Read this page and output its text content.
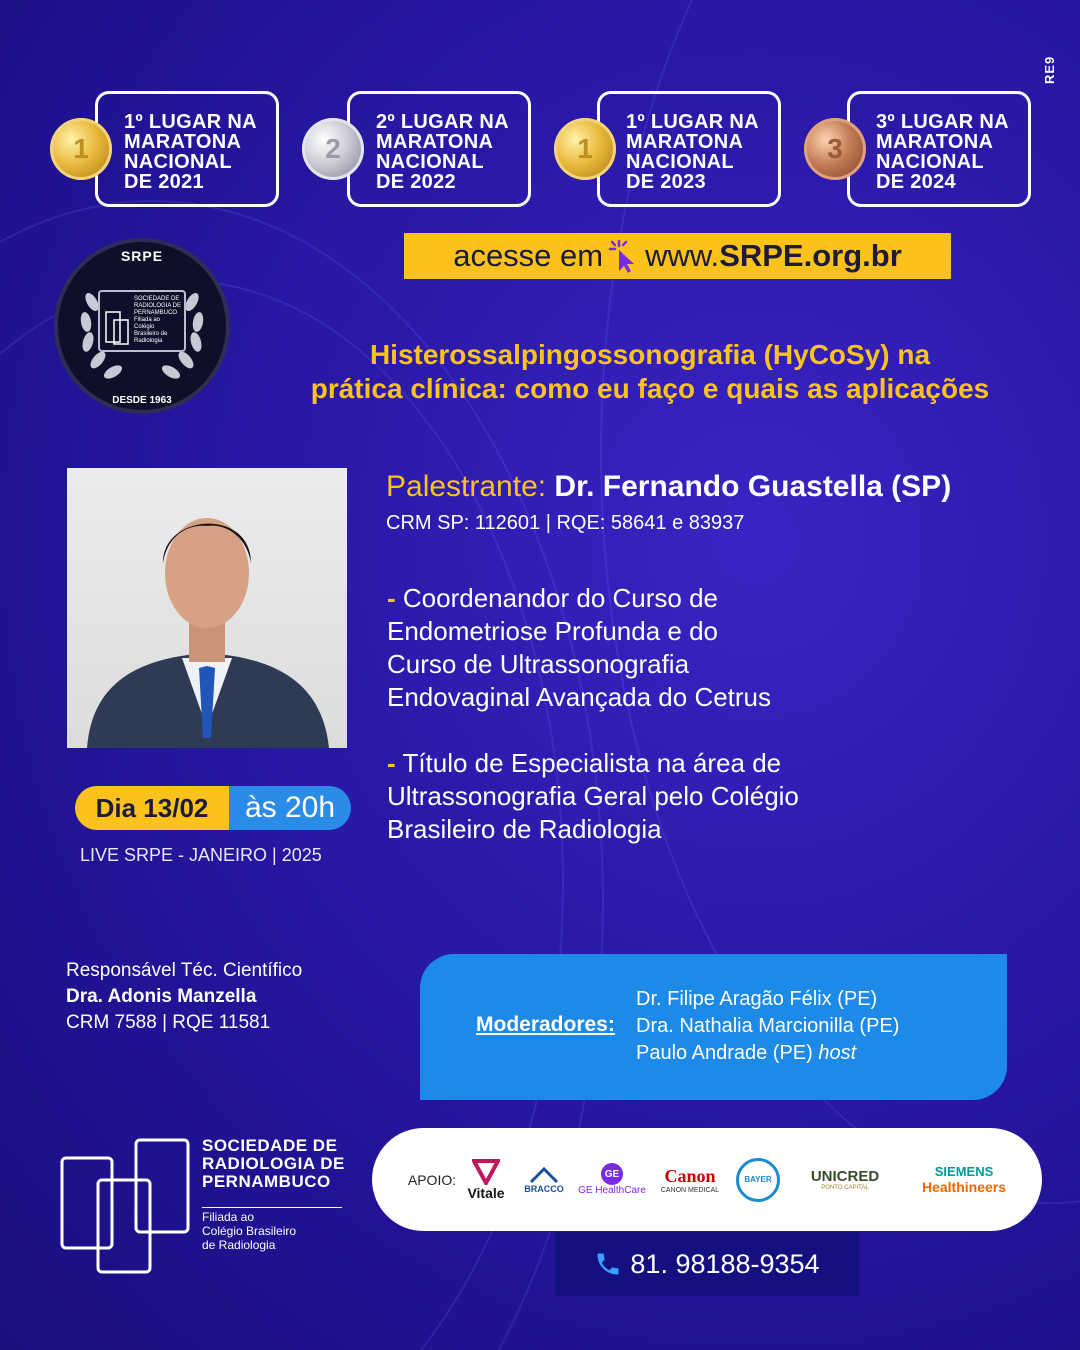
RE9
1º LUGAR NA
MARATONA
NACIONAL
DE 2021
1
2º LUGAR NA
MARATONA
NACIONAL
DE 2022
2
1º LUGAR NA
MARATONA
NACIONAL
DE 2023
1
3º LUGAR NA
MARATONA
NACIONAL
DE 2024
3
acesse em www.SRPE.org.br
SRPE
SOCIEDADE DE RADIOLOGIA DE PERNAMBUCO Filiada ao Colégio Brasileiro de Radiologia
DESDE 1963
Histerossalpingossonografia (HyCoSy) na
prática clínica: como eu faço e quais as aplicações
Palestrante: Dr. Fernando Guastella (SP)
CRM SP: 112601 | RQE: 58641 e 83937
- Coordenandor do Curso de
Endometriose Profunda e do
Curso de Ultrassonografia
Endovaginal Avançada do Cetrus
- Título de Especialista na área de
Ultrassonografia Geral pelo Colégio
Brasileiro de Radiologia
Dia 13/02	às 20h
LIVE SRPE - JANEIRO | 2025
Responsável Téc. Científico
Dra. Adonis Manzella
CRM 7588 | RQE 11581	Moderadores:
Dr. Filipe Aragão Félix (PE)
Dra. Nathalia Marcionilla (PE)
Paulo Andrade (PE) host
SOCIEDADE DE
RADIOLOGIA DE
PERNAMBUCO
Filiada ao
Colégio Brasileiro
de Radiologia
APOIO:
Vitale BRACCO
GE
GE HealthCare
Canon
CANON MEDICAL
BAYER	UNICRED
PONTO CAPITAL
SIEMENS
Healthineers
81. 98188-9354
